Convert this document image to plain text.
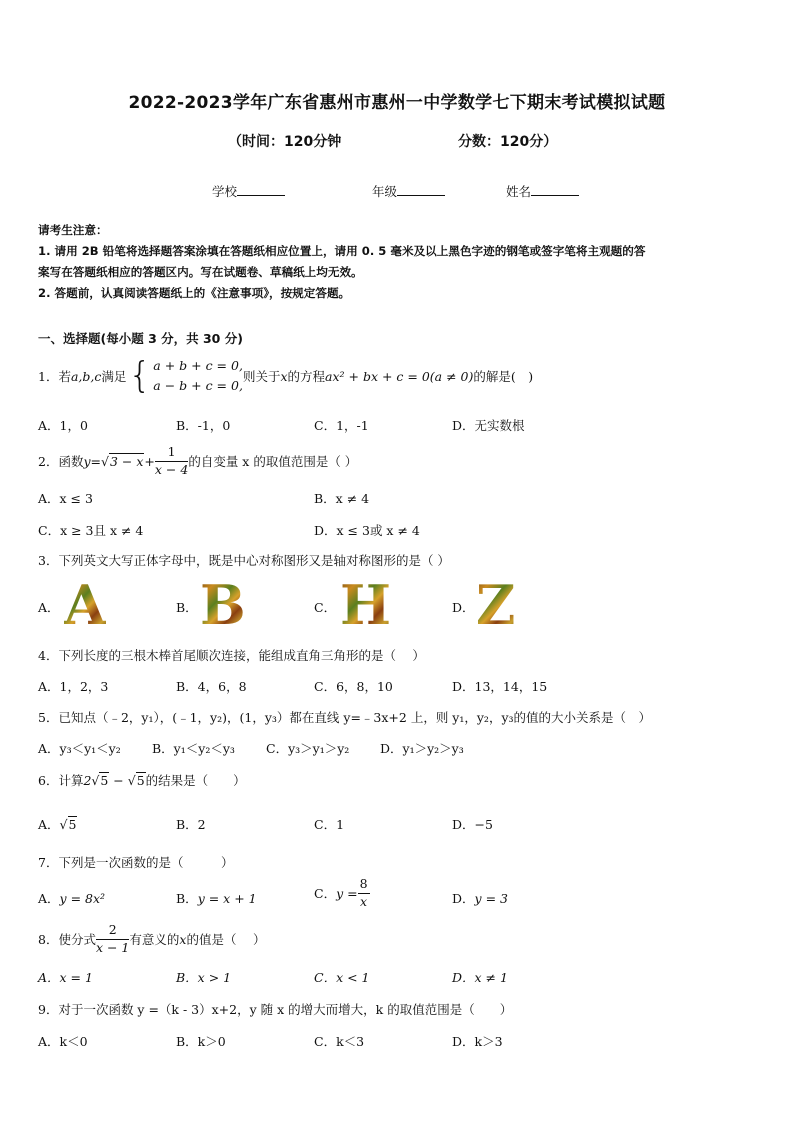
2022-2023学年广东省惠州市惠州一中学数学七下期末考试模拟试题
（时间：120分钟	分数：120分）
学校	年级	姓名
请考生注意：
1. 请用 2B 铅笔将选择题答案涂填在答题纸相应位置上，请用 0. 5 毫米及以上黑色字迹的钢笔或签字笔将主观题的答
案写在答题纸相应的答题区内。写在试题卷、草稿纸上均无效。
2. 答题前，认真阅读答题纸上的《注意事项》，按规定答题。
一、选择题(每小题 3 分，共 30 分)
1．若 a,b,c 满足 { a + b + c = 0,
a − b + c = 0,
则关于 x 的方程 ax² + bx + c = 0(a ≠ 0) 的解是(　)
A．1，0	B．-1，0	C．1，-1	D．无实数根
2．函数 $y = √3 - x + \frac{1}{x - 4}$ 的自变量 x 的取值范围是（ ）
A．x ≤ 3	B．x ≠ 4
C．x ≥ 3且 x ≠ 4	D．x ≤ 3或 x ≠ 4
3．下列英文大写正体字母中，既是中心对称图形又是轴对称图形的是（ ）
A． A	B． B	C． H	D． Z
4．下列长度的三根木棒首尾顺次连接，能组成直角三角形的是（　 ）
A．1，2，3	B．4，6，8	C．6，8，10	D．13，14，15
5．已知点（﹣2，y₁），(﹣1，y₂)，(1，y₃）都在直线 y=﹣3x+2 上，则 y₁，y₂，y₃的值的大小关系是（　）
A．y₃＜y₁＜y₂	B．y₁＜y₂＜y₃ C．y₃＞y₁＞y₂ D．y₁＞y₂＞y₃
6．计算2√5 − √5的结果是（　　）
A．√5	B．2	C．1	D．−5
7．下列是一次函数的是（　　　）
A．y = 8x²	B．y = x + 1	C． $y = \frac{8}{x}$	D．y = 3
8．使分式 $\frac{2}{x - 1}$ 有意义的 x 的值是（　 ）
A．x = 1	B．x > 1	C．x < 1	D．x ≠ 1
9．对于一次函数 y =（k - 3）x+2，y 随 x 的增大而增大，k 的取值范围是（　　）
A．k＜0	B．k＞0	C．k＜3	D．k＞3
